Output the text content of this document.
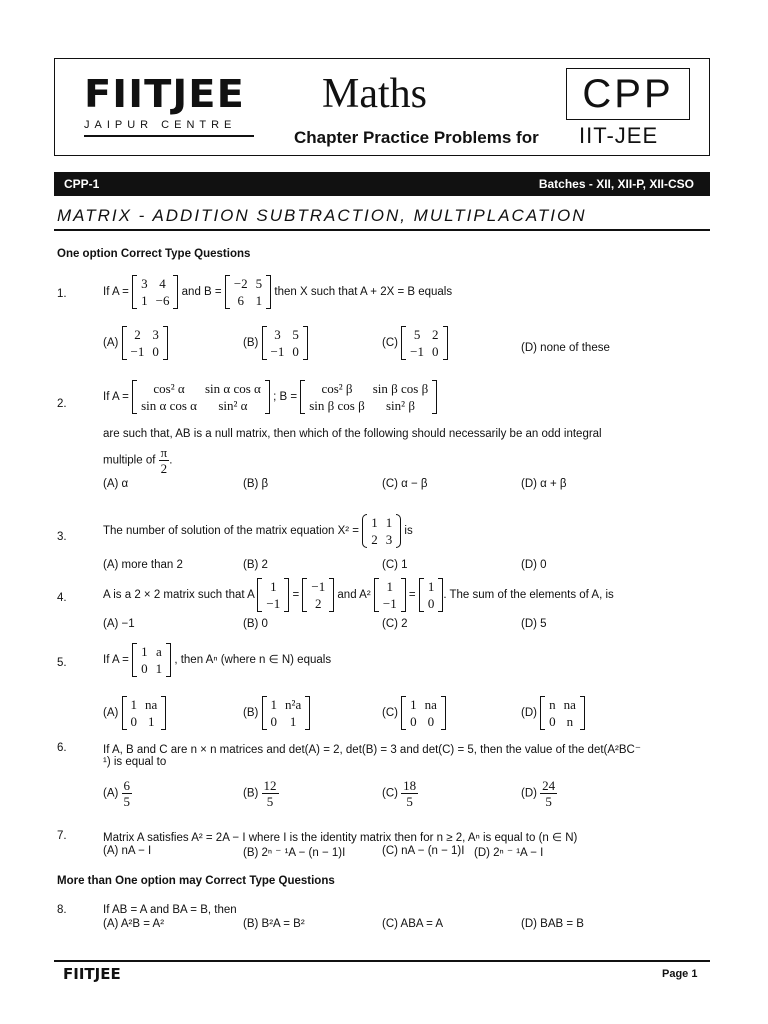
FIITJEE
JAIPUR CENTRE
Maths	CPP
Chapter Practice Problems for IIT-JEE
CPP-1	Batches - XII, XII-P, XII-CSO
MATRIX - ADDITION SUBTRACTION, MULTIPLACATION
One option Correct Type Questions
1.	If A =
3	4
1	−6
and B =
−2	5
6	1
then X such that A + 2X = B equals
(A)
2	3
−1	0
(B)
3	5
−1	0
(C)
5	2
−1	0	(D) none of these
2.
If A =
cos² α	sin α cos α
sin α cos α	sin² α
; B =
cos² β	sin β cos β
sin β cos β	sin² β
are such that, AB is a null matrix, then which of the following should necessarily be an odd integral
multiple of $\frac{\pi}{2}$ .
(A) α	(B) β	(C) α − β	(D) α + β
3.	The number of solution of the matrix equation X² =
1	1
2	3
is
(A) more than 2	(B) 2	(C) 1	(D) 0
4.	A is a 2 × 2 matrix such that A
1
−1
=
−1
2
and A²
1
−1
=
1
0
. The sum of the elements of A, is
(A) −1	(B) 0	(C) 2	(D) 5
5.	If A =
1	a
0	1
, then Aⁿ (where n ∈ N) equals
(A)
1	na
0	1
(B)
1	n²a
0	1
(C)
1	na
0	0
(D)
n	na
0	n
6.	If A, B and C are n × n matrices and det(A) = 2, det(B) = 3 and det(C) = 5, then the value of the det(A²BC⁻
¹) is equal to
$(A) \frac{6}{5}$	$(B) \frac{12}{5}$	$(C) \frac{18}{5}$	$(D) \frac{24}{5}$
7.	Matrix A satisfies A² = 2A − I where I is the identity matrix then for n ≥ 2, Aⁿ is equal to (n ∈ N)
(A) nA − I	(B) 2ⁿ ⁻ ¹A − (n − 1)I	(C) nA − (n − 1)I (D) 2ⁿ ⁻ ¹A − I
More than One option may Correct Type Questions
8.	If AB = A and BA = B, then
(A) A²B = A²	(B) B²A = B²	(C) ABA = A	(D) BAB = B
FIITJEE	Page 1
